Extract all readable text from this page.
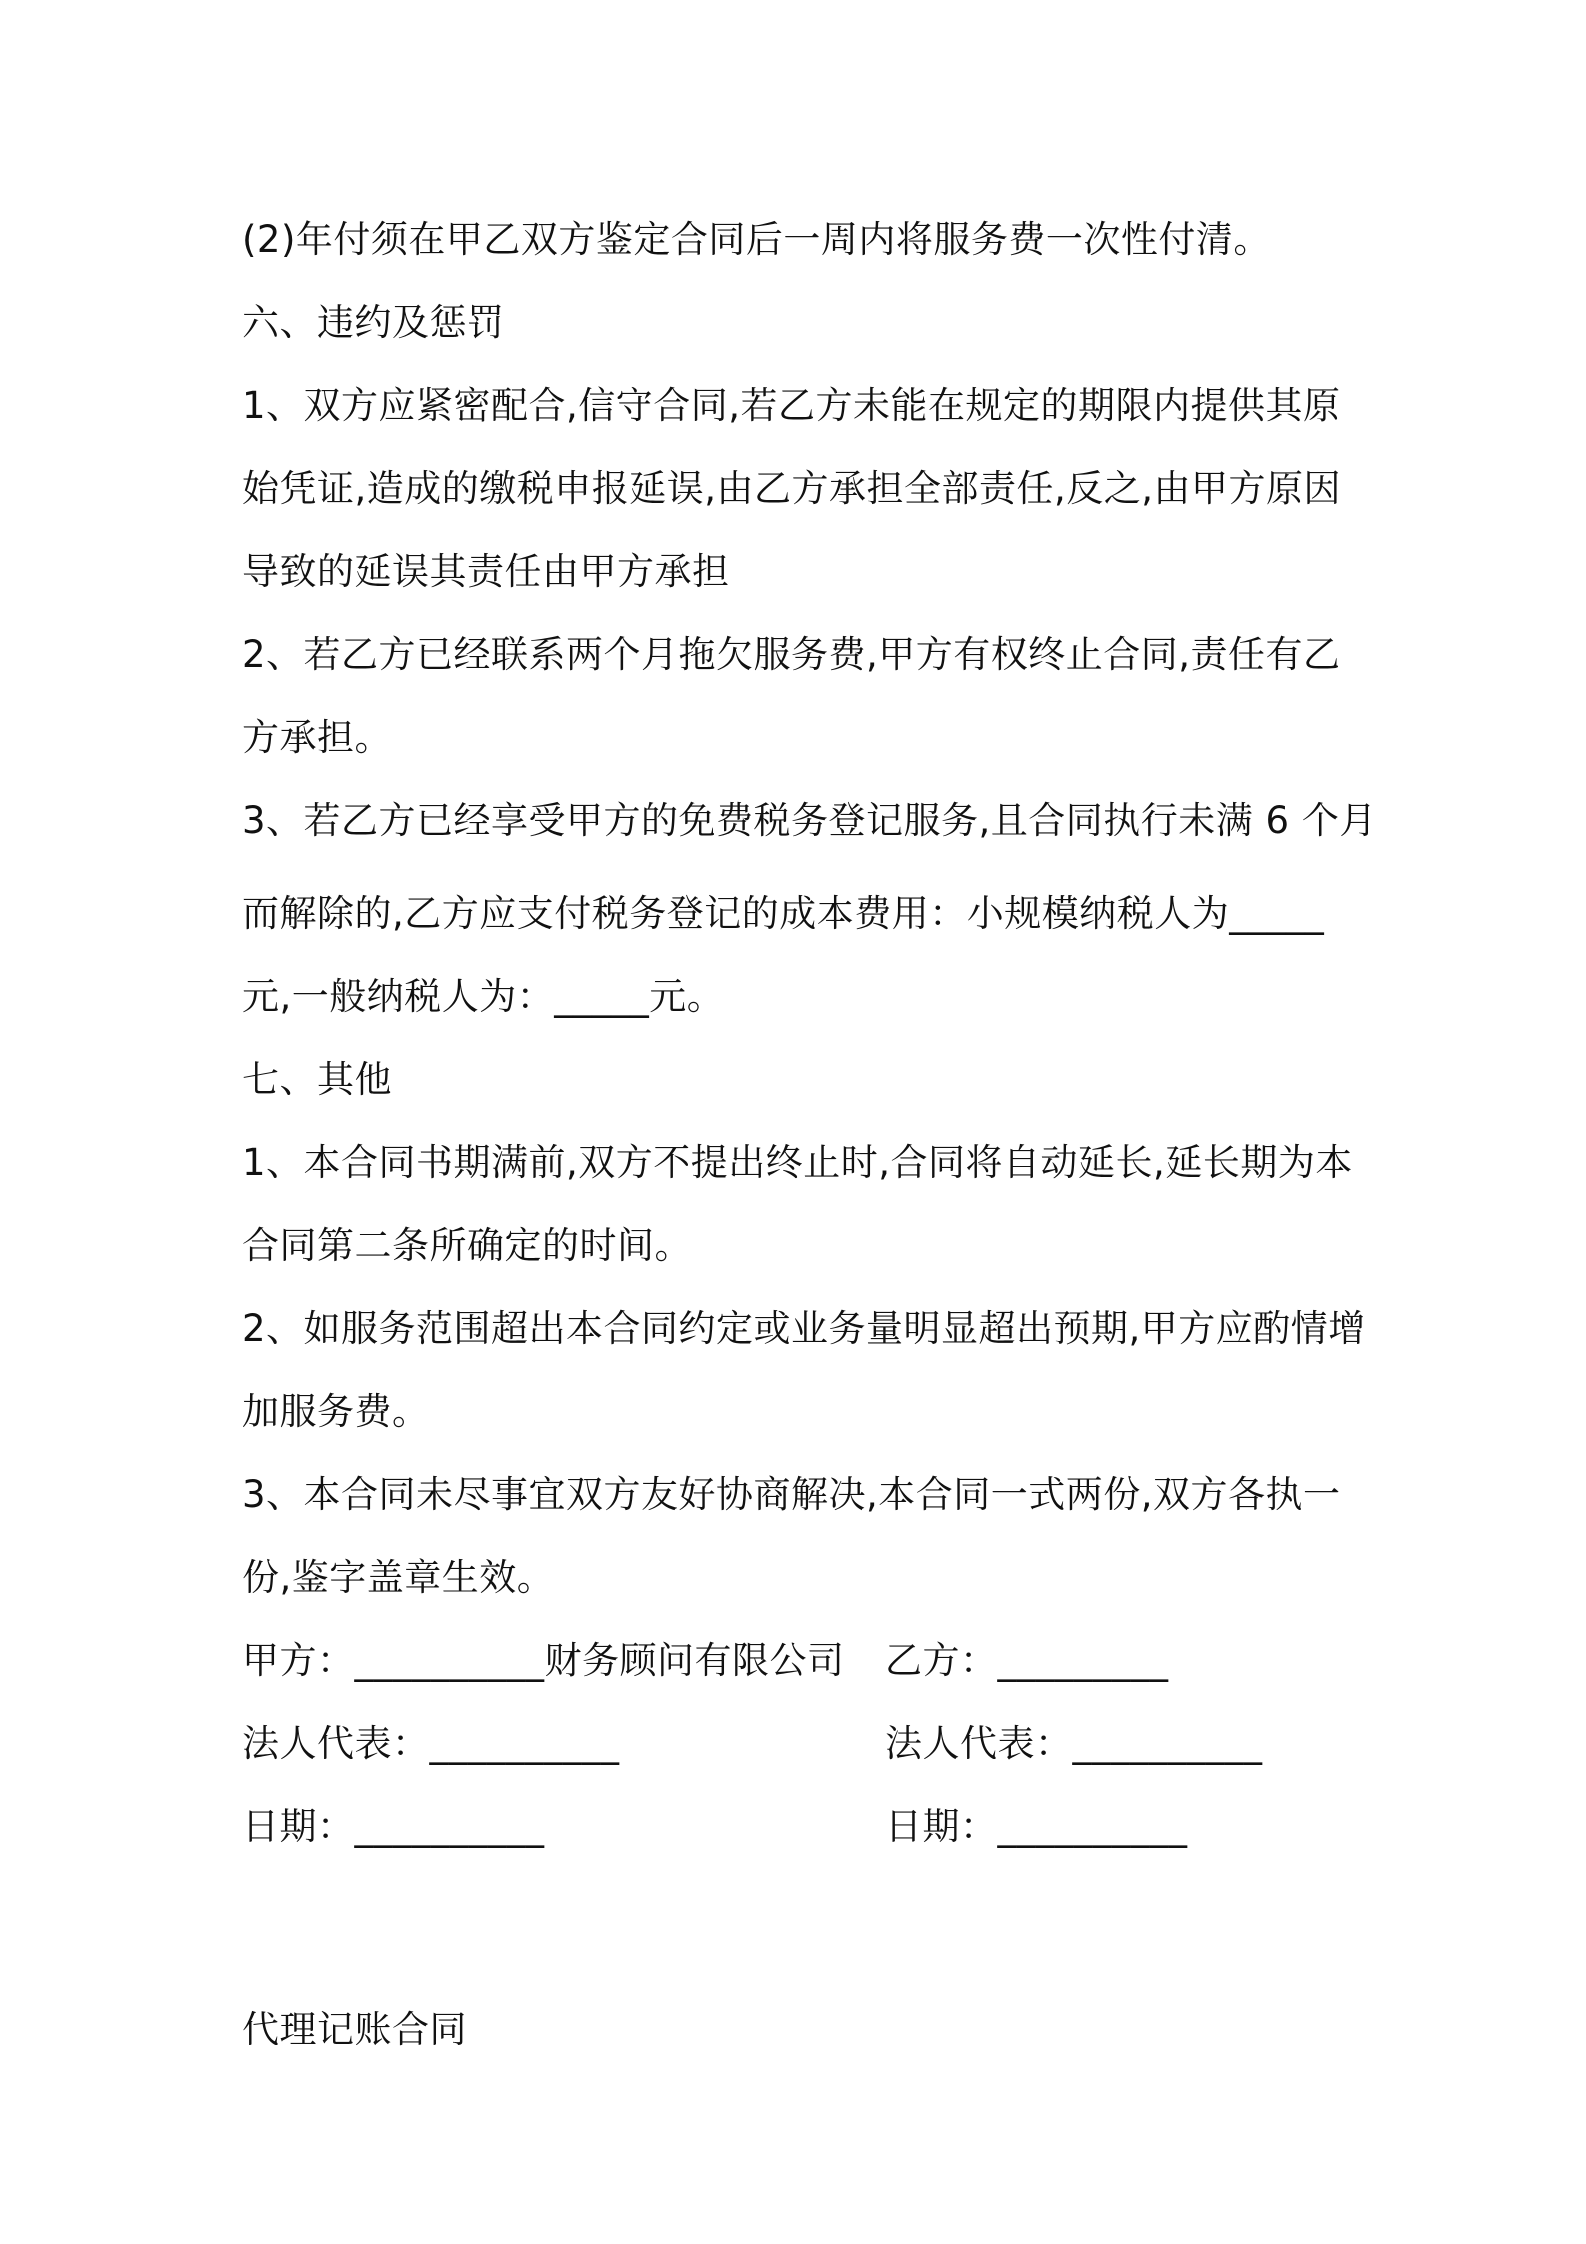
(2)年付须在甲乙双方鉴定合同后一周内将服务费一次性付清。
六、违约及惩罚
1、双方应紧密配合,信守合同,若乙方未能在规定的期限内提供其原
始凭证,造成的缴税申报延误,由乙方承担全部责任,反之,由甲方原因
导致的延误其责任由甲方承担
2、若乙方已经联系两个月拖欠服务费,甲方有权终止合同,责任有乙
方承担。
3、若乙方已经享受甲方的免费税务登记服务,且合同执行未满 6 个月
而解除的,乙方应支付税务登记的成本费用：小规模纳税人为_____
元,一般纳税人为：_____元。
七、其他
1、本合同书期满前,双方不提出终止时,合同将自动延长,延长期为本
合同第二条所确定的时间。
2、如服务范围超出本合同约定或业务量明显超出预期,甲方应酌情增
加服务费。
3、本合同未尽事宜双方友好协商解决,本合同一式两份,双方各执一
份,鉴字盖章生效。
甲方：__________财务顾问有限公司 乙方：_________
法人代表：__________	法人代表：__________
日期：__________	日期：__________
代理记账合同
